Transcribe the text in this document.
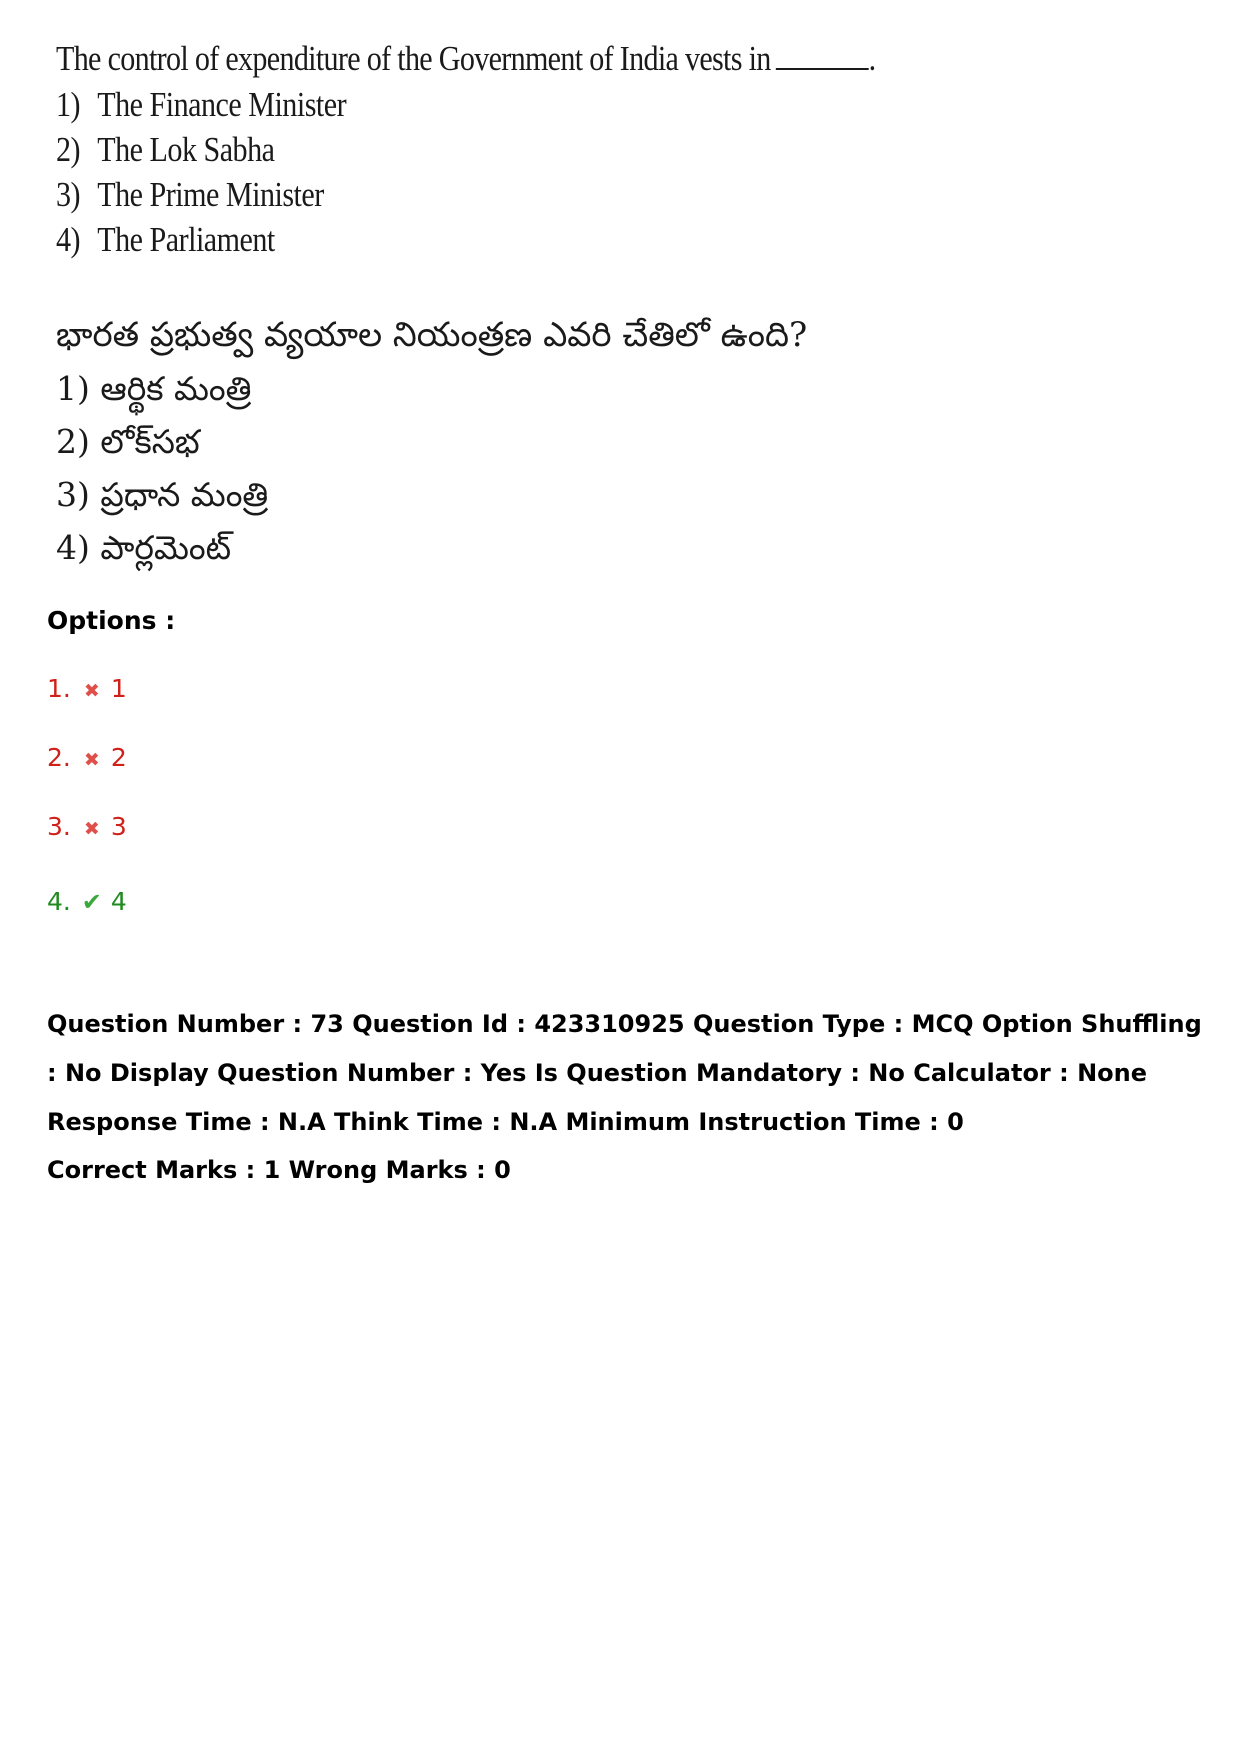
The control of expenditure of the Government of India vests in	.
1) The Finance Minister
2) The Lok Sabha
3) The Prime Minister
4) The Parliament
భారత ప్రభుత్వ వ్యయాల నియంత్రణ ఎవరి చేతిలో ఉంది?
1) ఆర్థిక మంత్రి
2) లోక్‌సభ
3) ప్రధాన మంత్రి
4) పార్లమెంట్
Options :
1. ✖ 1
2. ✖ 2
3. ✖ 3
4. ✔ 4
Question Number : 73 Question Id : 423310925 Question Type : MCQ Option Shuffling : No Display Question Number : Yes Is Question Mandatory : No Calculator : None Response Time : N.A Think Time : N.A Minimum Instruction Time : 0
Correct Marks : 1 Wrong Marks : 0
